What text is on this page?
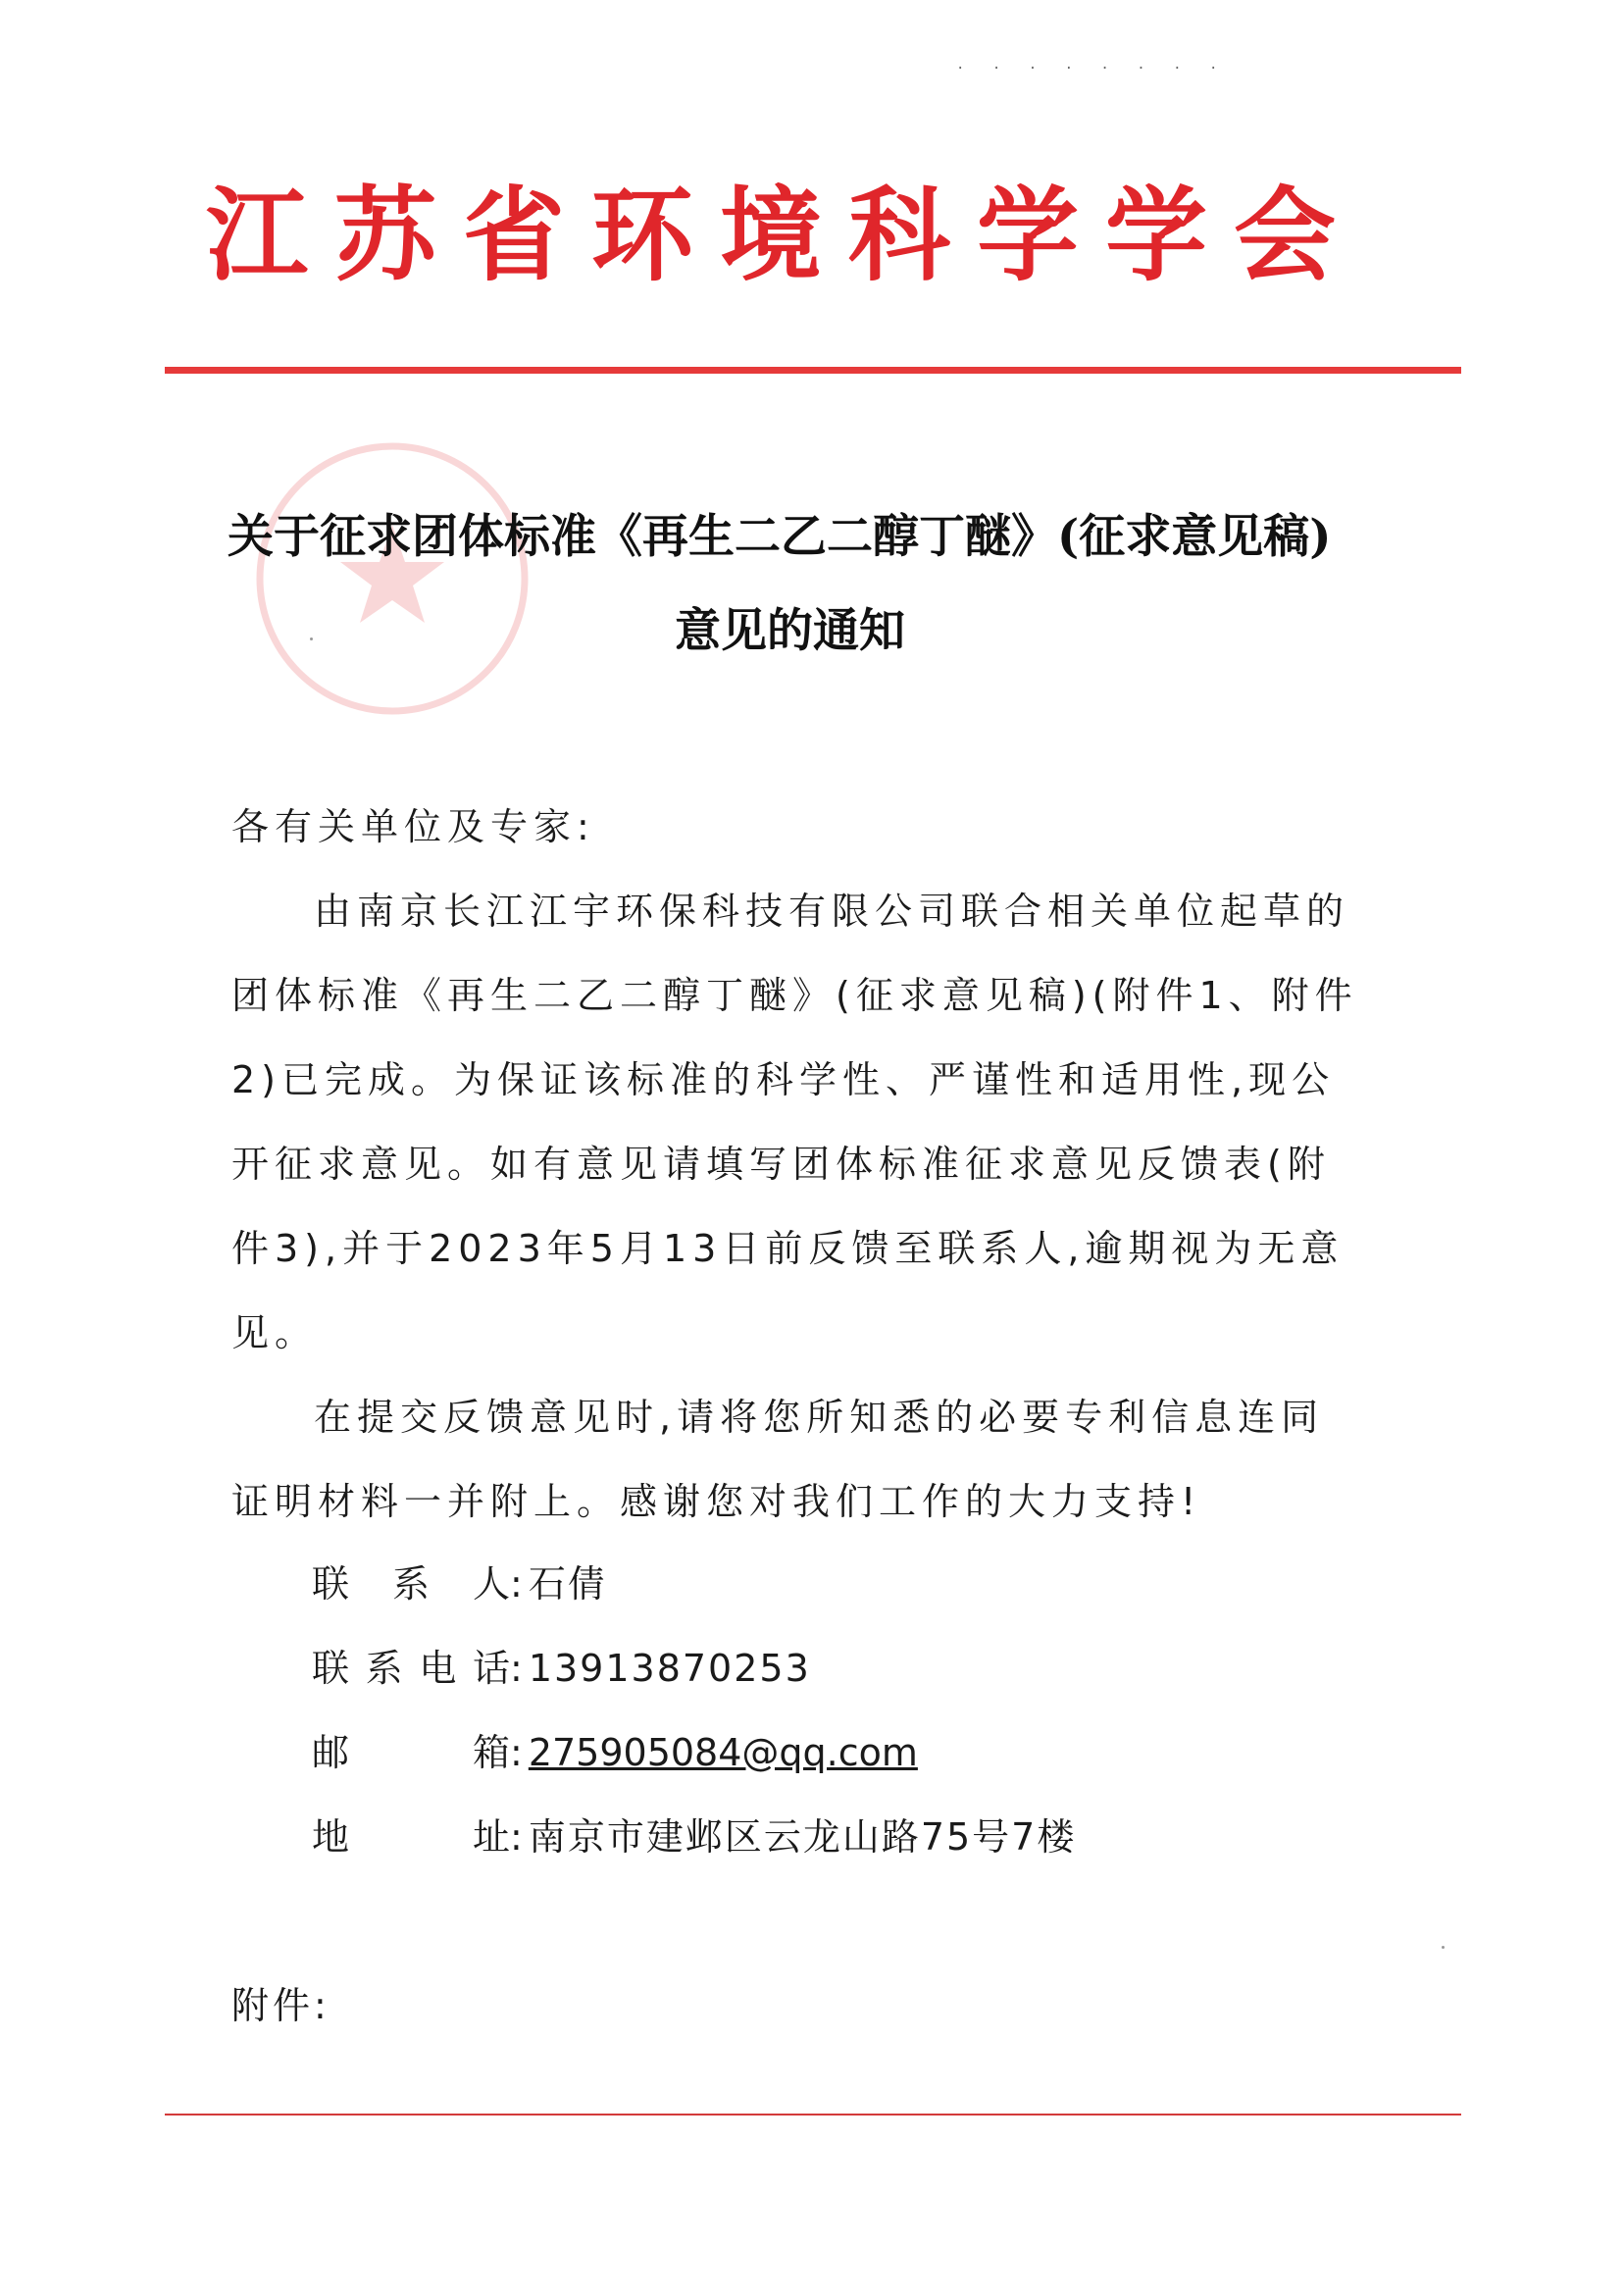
. . . . . . . .
江苏省环境科学学会
关于征求团体标准《再生二乙二醇丁醚》(征求意见稿)
意见的通知

各有关单位及专家:

由南京长江江宇环保科技有限公司联合相关单位起草的团体标准《再生二乙二醇丁醚》(征求意见稿)(附件1、附件2)已完成。为保证该标准的科学性、严谨性和适用性,现公开征求意见。如有意见请填写团体标准征求意见反馈表(附件3),并于2023年5月13日前反馈至联系人,逾期视为无意见。

在提交反馈意见时,请将您所知悉的必要专利信息连同证明材料一并附上。感谢您对我们工作的大力支持!

联系人 : 石倩
联系电话 : 13913870253
邮箱 : 275905084@qq.com
地址 : 南京市建邺区云龙山路75号7楼
附件:
